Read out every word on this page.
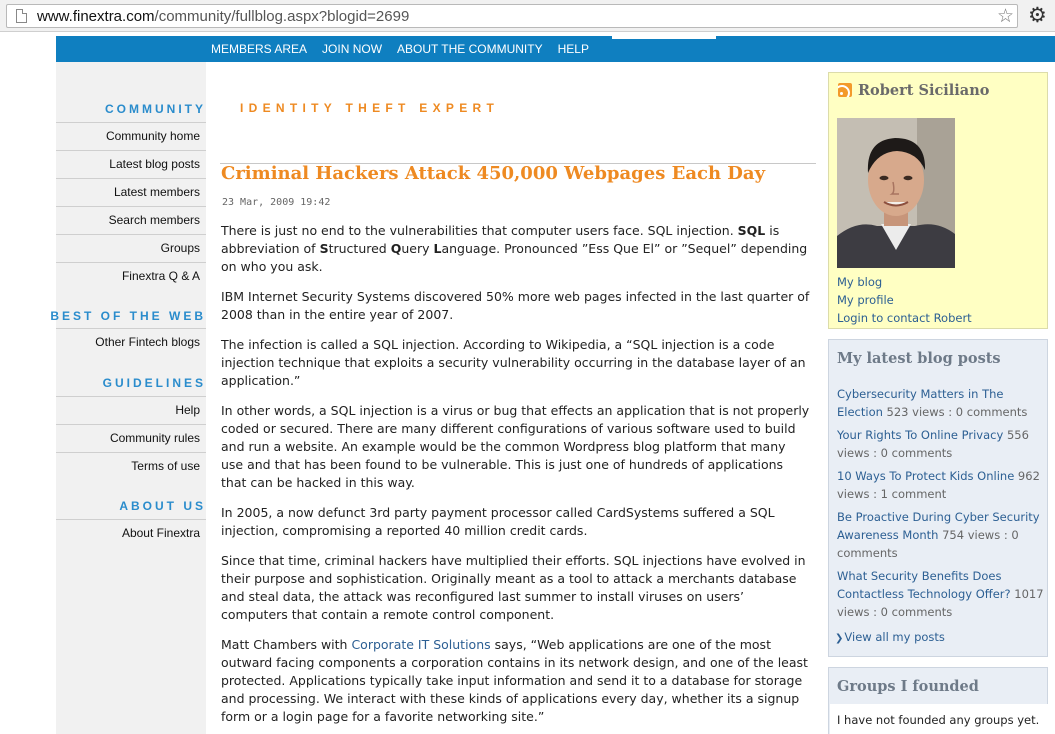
www.finextra.com/community/fullblog.aspx?blogid=2699	☆ ⚙
MEMBERS AREA JOIN NOW ABOUT THE COMMUNITY HELP
COMMUNITY
Community home
Latest blog posts
Latest members
Search members
Groups
Finextra Q & A
BEST OF THE WEB
Other Fintech blogs
GUIDELINES
Help
Community rules
Terms of use
ABOUT US
About Finextra
IDENTITY THEFT EXPERT
Criminal Hackers Attack 450,000 Webpages Each Day
23 Mar, 2009 19:42

There is just no end to the vulnerabilities that computer users face. SQL injection. SQL is abbreviation of Structured Query Language. Pronounced ”Ess Que El” or ”Sequel” depending on who you ask.

IBM Internet Security Systems discovered 50% more web pages infected in the last quarter of 2008 than in the entire year of 2007.

The infection is called a SQL injection. According to Wikipedia, a “SQL injection is a code injection technique that exploits a security vulnerability occurring in the database layer of an application.”

In other words, a SQL injection is a virus or bug that effects an application that is not properly coded or secured. There are many different configurations of various software used to build and run a website. An example would be the common Wordpress blog platform that many use and that has been found to be vulnerable. This is just one of hundreds of applications that can be hacked in this way.

In 2005, a now defunct 3rd party payment processor called CardSystems suffered a SQL injection, compromising a reported 40 million credit cards.

Since that time, criminal hackers have multiplied their efforts. SQL injections have evolved in their purpose and sophistication. Originally meant as a tool to attack a merchants database and steal data, the attack was reconfigured last summer to install viruses on users’ computers that contain a remote control component.

Matt Chambers with Corporate IT Solutions says, “Web applications are one of the most outward facing components a corporation contains in its network design, and one of the least protected. Applications typically take input information and send it to a database for storage and processing. We interact with these kinds of applications every day, whether its a signup form or a login page for a favorite networking site.”

Robert Siciliano
My blog
My profile
Login to contact Robert
My latest blog posts
Cybersecurity Matters in The Election 523 views : 0 comments
Your Rights To Online Privacy 556 views : 0 comments
10 Ways To Protect Kids Online 962 views : 1 comment
Be Proactive During Cyber Security Awareness Month 754 views : 0 comments
What Security Benefits Does Contactless Technology Offer? 1017 views : 0 comments
❯View all my posts
Groups I founded
I have not founded any groups yet.
